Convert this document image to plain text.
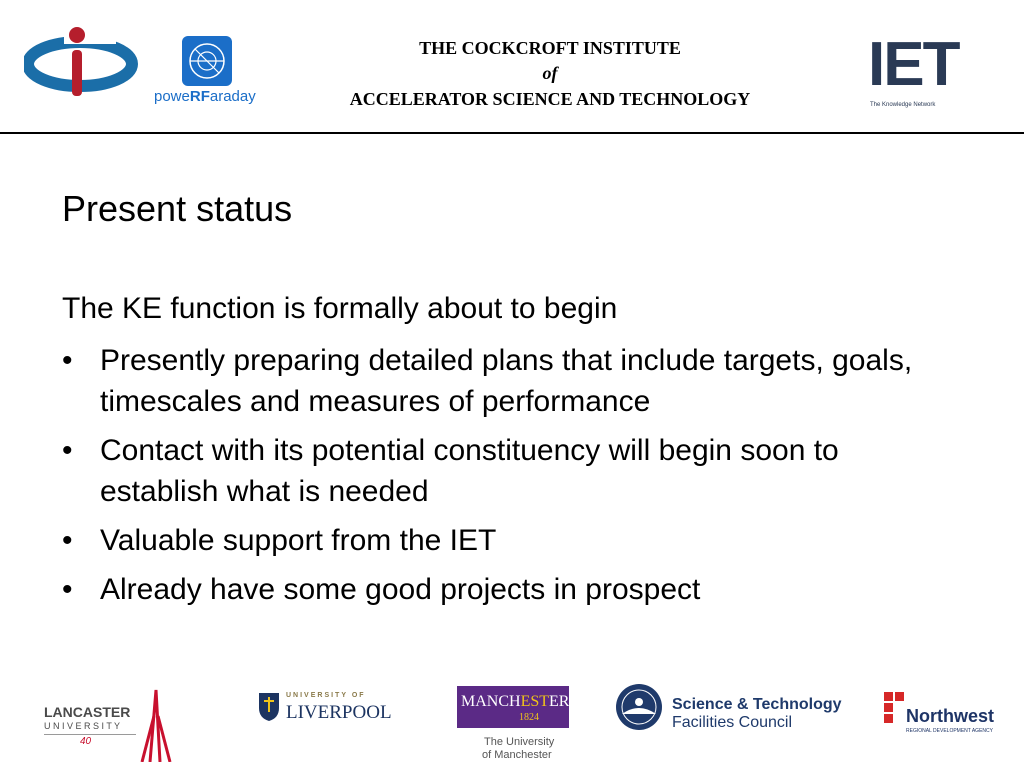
poweRFaraday
THE COCKCROFT INSTITUTE
of
ACCELERATOR SCIENCE AND TECHNOLOGY	IET
The Knowledge Network
Present status
The KE function is formally about to begin
• Presently preparing detailed plans that include targets, goals, timescales and measures of performance
• Contact with its potential constituency will begin soon to establish what is needed
• Valuable support from the IET
• Already have some good projects in prospect
LANCASTER
U N I V E R S I T Y
40
UNIVERSITY OF
LIVERPOOL
MANCHESTER
1824
The University
of Manchester
Science & Technology
Facilities Council	Northwest
REGIONAL DEVELOPMENT AGENCY
